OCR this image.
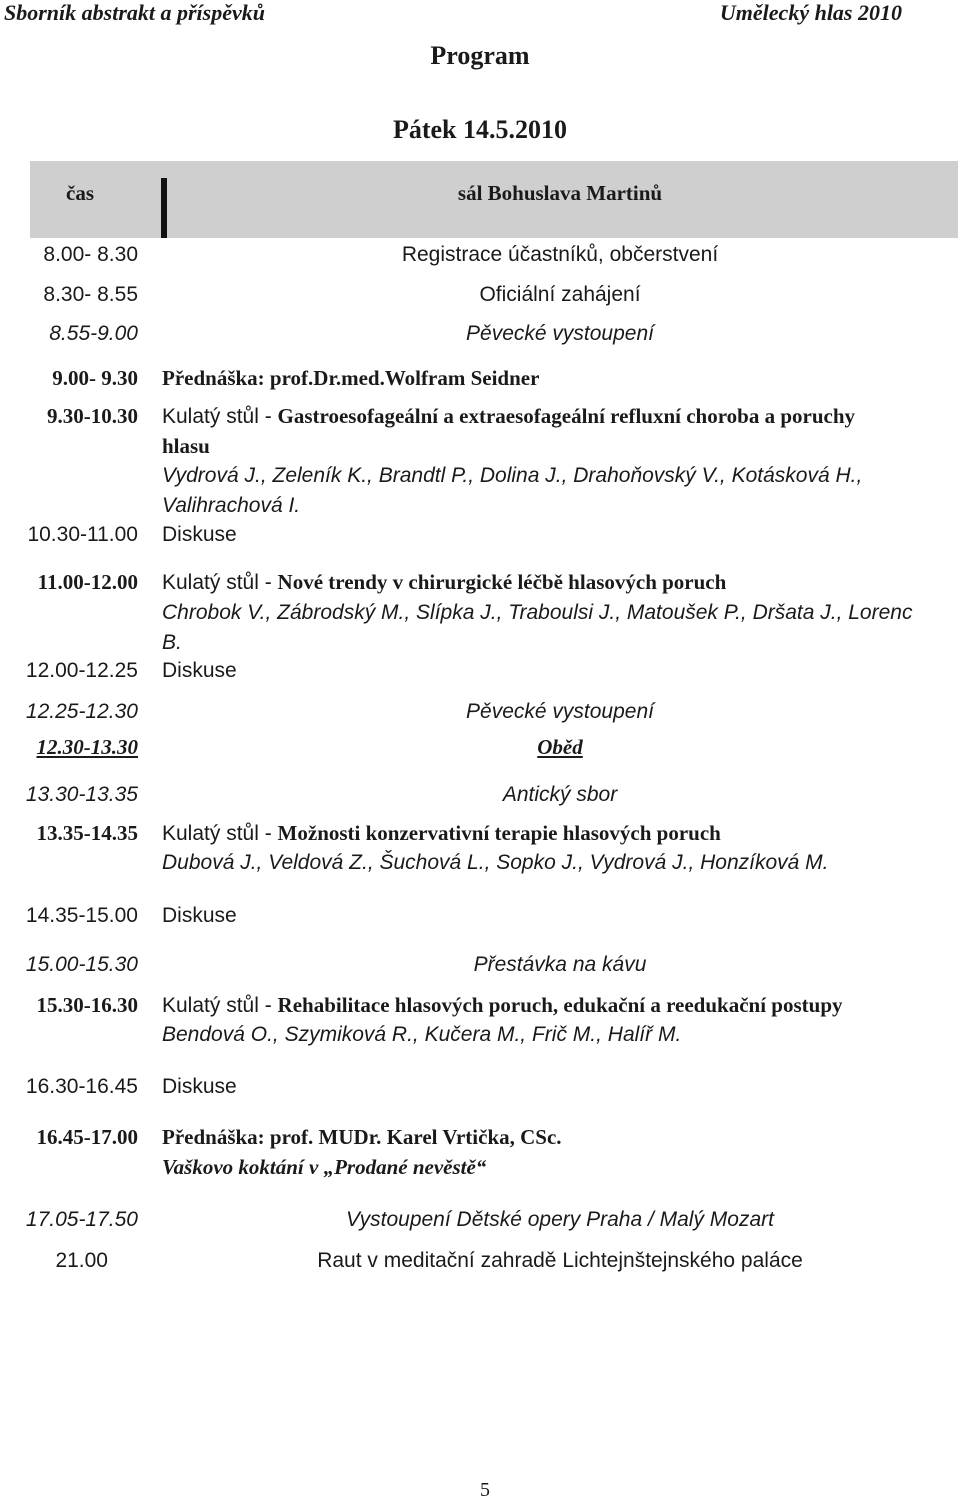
Sborník abstrakt a příspěvků	Umělecký hlas 2010
Program
Pátek 14.5.2010
čas	sál Bohuslava Martinů
8.00- 8.30	Registrace účastníků, občerstvení
8.30- 8.55	Oficiální zahájení
8.55-9.00	Pěvecké vystoupení
9.00- 9.30 Přednáška: prof.Dr.med.Wolfram Seidner
9.30-10.30 Kulatý stůl - Gastroesofageální a extraesofageální refluxní choroba a poruchy
hlasu
Vydrová J., Zeleník K., Brandtl P., Dolina J., Drahoňovský V., Kotásková H.,
Valihrachová I.
10.30-11.00 Diskuse
11.00-12.00 Kulatý stůl - Nové trendy v chirurgické léčbě hlasových poruch
Chrobok V., Zábrodský M., Slípka J., Traboulsi J., Matoušek P., Dršata J., Lorenc
B.
12.00-12.25 Diskuse
12.25-12.30	Pěvecké vystoupení
12.30-13.30	Oběd
13.30-13.35	Antický sbor
13.35-14.35 Kulatý stůl - Možnosti konzervativní terapie hlasových poruch
Dubová J., Veldová Z., Šuchová L., Sopko J., Vydrová J., Honzíková M.
14.35-15.00 Diskuse
15.00-15.30	Přestávka na kávu
15.30-16.30 Kulatý stůl - Rehabilitace hlasových poruch, edukační a reedukační postupy
Bendová O., Szymiková R., Kučera M., Frič M., Halíř M.
16.30-16.45 Diskuse
16.45-17.00 Přednáška: prof. MUDr. Karel Vrtička, CSc.
Vaškovo koktání v „Prodané nevěstě“
17.05-17.50	Vystoupení Dětské opery Praha / Malý Mozart
21.00	Raut v meditační zahradě Lichtejnštejnského paláce
5
